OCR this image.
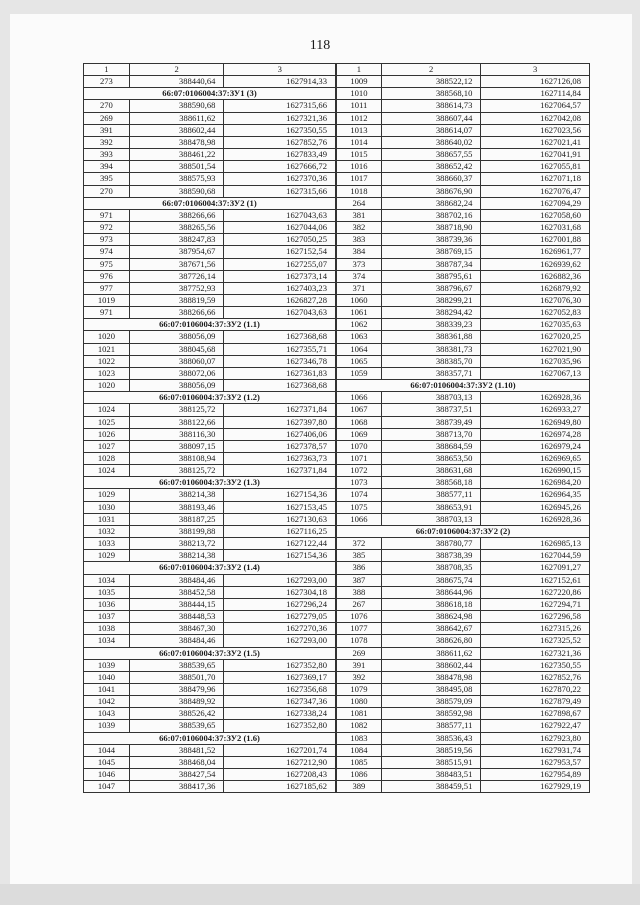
118
1	2	3
273	388440,64	1627914,33
66:07:0106004:37:ЗУ1 (3)		
270	388590,68	1627315,66
269	388611,62	1627321,36
391	388602,44	1627350,55
392	388478,98	1627852,76
393	388461,22	1627833,49
394	388501,54	1627666,72
395	388575,93	1627370,36
270	388590,68	1627315,66
66:07:0106004:37:ЗУ2 (1)		
971	388266,66	1627043,63
972	388265,56	1627044,06
973	388247,83	1627050,25
974	387954,67	1627152,54
975	387671,56	1627255,07
976	387726,14	1627373,14
977	387752,93	1627403,23
1019	388819,59	1626827,28
971	388266,66	1627043,63
66:07:0106004:37:ЗУ2 (1.1)		
1020	388056,09	1627368,68
1021	388045,68	1627355,71
1022	388060,07	1627346,78
1023	388072,06	1627361,83
1020	388056,09	1627368,68
66:07:0106004:37:ЗУ2 (1.2)		
1024	388125,72	1627371,84
1025	388122,66	1627397,80
1026	388116,30	1627406,06
1027	388097,15	1627378,57
1028	388108,94	1627363,73
1024	388125,72	1627371,84
66:07:0106004:37:ЗУ2 (1.3)		
1029	388214,38	1627154,36
1030	388193,46	1627153,45
1031	388187,25	1627130,63
1032	388199,88	1627116,25
1033	388213,72	1627122,44
1029	388214,38	1627154,36
66:07:0106004:37:ЗУ2 (1.4)		
1034	388484,46	1627293,00
1035	388452,58	1627304,18
1036	388444,15	1627296,24
1037	388448,53	1627279,05
1038	388467,30	1627270,36
1034	388484,46	1627293,00
66:07:0106004:37:ЗУ2 (1.5)		
1039	388539,65	1627352,80
1040	388501,70	1627369,17
1041	388479,96	1627356,68
1042	388489,92	1627347,36
1043	388526,42	1627338,24
1039	388539,65	1627352,80
66:07:0106004:37:ЗУ2 (1.6)		
1044	388481,52	1627201,74
1045	388468,04	1627212,90
1046	388427,54	1627208,43
1047	388417,36	1627185,62
1	2	3
1009	388522,12	1627126,08
1010	388568,10	1627114,84
1011	388614,73	1627064,57
1012	388607,44	1627042,08
1013	388614,07	1627023,56
1014	388640,02	1627021,41
1015	388657,55	1627041,91
1016	388652,42	1627055,81
1017	388660,37	1627071,18
1018	388676,90	1627076,47
264	388682,24	1627094,29
381	388702,16	1627058,60
382	388718,90	1627031,68
383	388739,36	1627001,88
384	388769,15	1626961,77
373	388787,34	1626939,62
374	388795,61	1626882,36
371	388796,67	1626879,92
1060	388299,21	1627076,30
1061	388294,42	1627052,83
1062	388339,23	1627035,63
1063	388361,88	1627020,25
1064	388381,73	1627021,90
1065	388385,70	1627035,96
1059	388357,71	1627067,13
66:07:0106004:37:ЗУ2 (1.10)		
1066	388703,13	1626928,36
1067	388737,51	1626933,27
1068	388739,49	1626949,80
1069	388713,70	1626974,28
1070	388684,59	1626979,24
1071	388653,50	1626969,65
1072	388631,68	1626990,15
1073	388568,18	1626984,20
1074	388577,11	1626964,35
1075	388653,91	1626945,26
1066	388703,13	1626928,36
66:07:0106004:37:ЗУ2 (2)		
372	388780,77	1626985,13
385	388738,39	1627044,59
386	388708,35	1627091,27
387	388675,74	1627152,61
388	388644,96	1627220,86
267	388618,18	1627294,71
1076	388624,98	1627296,58
1077	388642,67	1627315,26
1078	388626,80	1627325,52
269	388611,62	1627321,36
391	388602,44	1627350,55
392	388478,98	1627852,76
1079	388495,08	1627870,22
1080	388579,09	1627879,49
1081	388592,98	1627898,67
1082	388577,11	1627922,47
1083	388536,43	1627923,80
1084	388519,56	1627931,74
1085	388515,91	1627953,57
1086	388483,51	1627954,89
389	388459,51	1627929,19
